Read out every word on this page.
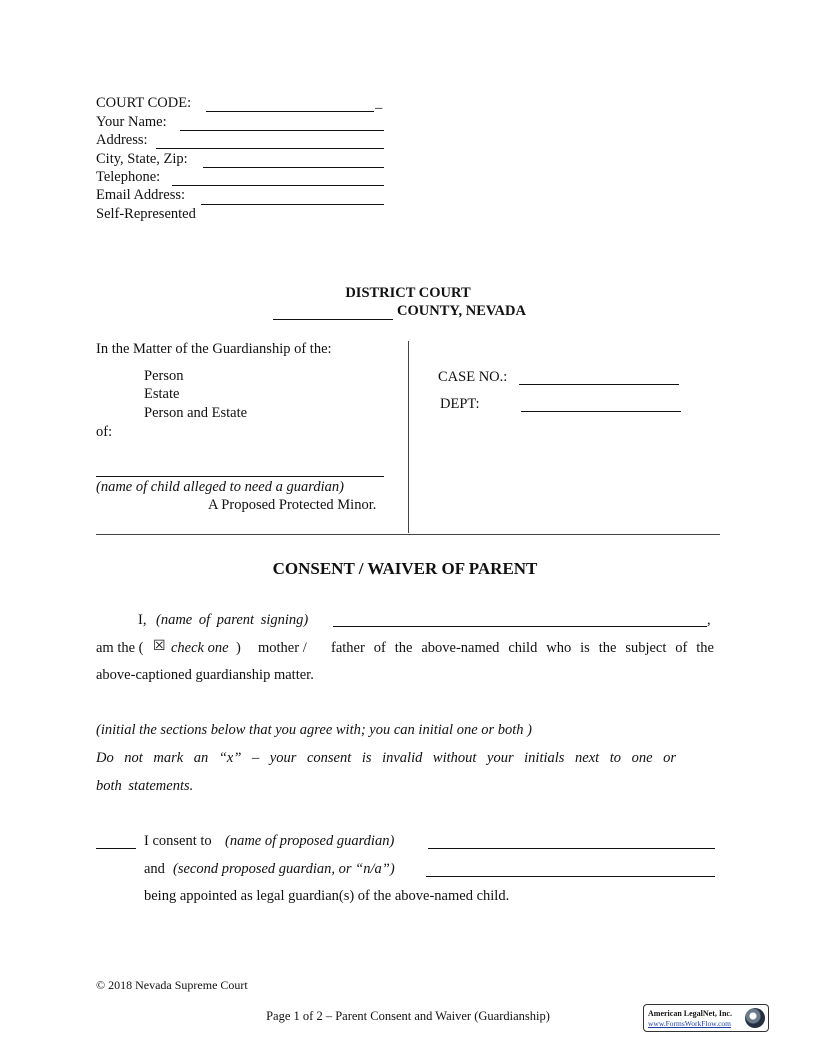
COURT CODE:	_
Your Name:
Address:
City, State, Zip:
Telephone:
Email Address:
Self-Represented
DISTRICT COURT
COUNTY, NEVADA
In the Matter of the Guardianship of the:
Person
Estate
Person and Estate
of:
(name of child alleged to need a guardian)
A Proposed Protected Minor.
CASE NO.:
DEPT:
CONSENT / WAIVER OF PARENT
I, (name of parent signing)	,
am the ( ☒ check one ) mother / father of the above-named child who is the subject of the
above-captioned guardianship matter.
(initial the sections below that you agree with; you can initial one or both )
Do not mark an “x” – your consent is invalid without your initials next to one or
both statements.
I consent to (name of proposed guardian)
and (second proposed guardian, or “n/a”)
being appointed as legal guardian(s) of the above-named child.
© 2018 Nevada Supreme Court
Page 1 of 2 – Parent Consent and Waiver (Guardianship)	American LegalNet, Inc.
www.FormsWorkFlow.com
